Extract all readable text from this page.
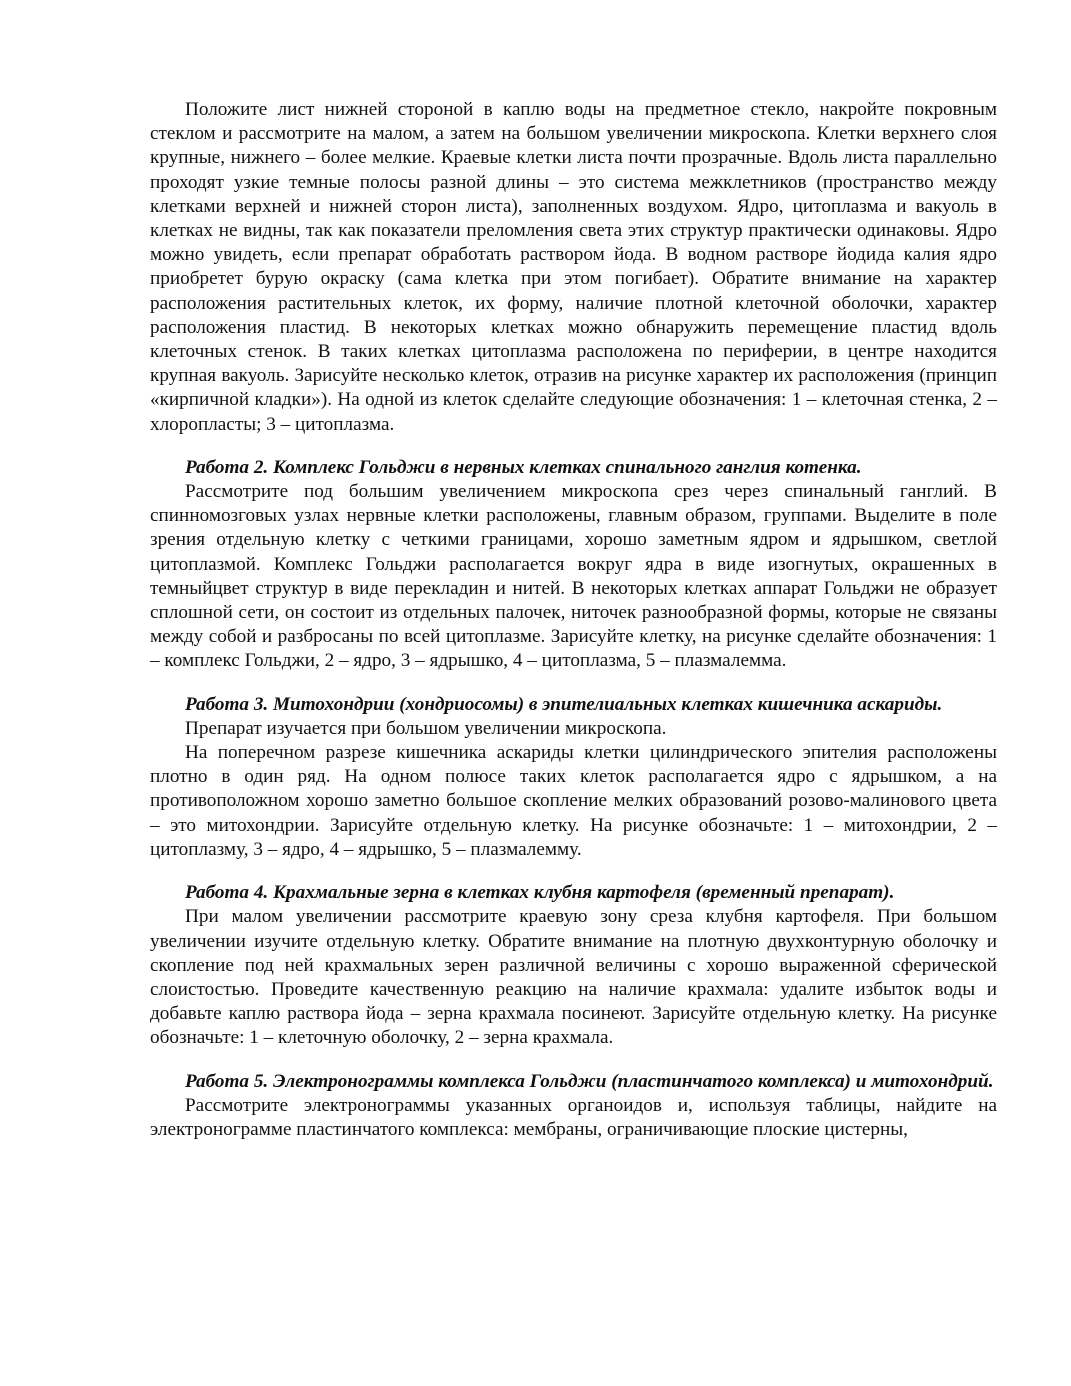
Положите лист нижней стороной в каплю воды на предметное стекло, накройте покровным стеклом и рассмотрите на малом, а затем на большом увеличении микроскопа. Клетки верхнего слоя крупные, нижнего – более мелкие. Краевые клетки листа почти прозрачные. Вдоль листа параллельно проходят узкие темные полосы разной длины – это система межклетников (пространство между клетками верхней и нижней сторон листа), заполненных воздухом. Ядро, цитоплазма и вакуоль в клетках не видны, так как показатели преломления света этих структур практически одинаковы. Ядро можно увидеть, если препарат обработать раствором йода. В водном растворе йодида калия ядро приобретет бурую окраску (сама клетка при этом погибает). Обратите внимание на характер расположения растительных клеток, их форму, наличие плотной клеточной оболочки, характер расположения пластид. В некоторых клетках можно обнаружить перемещение пластид вдоль клеточных стенок. В таких клетках цитоплазма расположена по периферии, в центре находится крупная вакуоль. Зарисуйте несколько клеток, отразив на рисунке характер их расположения (принцип «кирпичной кладки»). На одной из клеток сделайте следующие обозначения: 1 – клеточная стенка, 2 – хлоропласты; 3 – цитоплазма.

Работа 2. Комплекс Гольджи в нервных клетках спинального ганглия котенка.

Рассмотрите под большим увеличением микроскопа срез через спинальный ганглий. В спинномозговых узлах нервные клетки расположены, главным образом, группами. Выделите в поле зрения отдельную клетку с четкими границами, хорошо заметным ядром и ядрышком, светлой цитоплазмой. Комплекс Гольджи располагается вокруг ядра в виде изогнутых, окрашенных в темныйцвет структур в виде перекладин и нитей. В некоторых клетках аппарат Гольджи не образует сплошной сети, он состоит из отдельных палочек, ниточек разнообразной формы, которые не связаны между собой и разбросаны по всей цитоплазме. Зарисуйте клетку, на рисунке сделайте обозначения: 1 – комплекс Гольджи, 2 – ядро, 3 – ядрышко, 4 – цитоплазма, 5 – плазмалемма.

Работа 3. Митохондрии (хондриосомы) в эпителиальных клетках кишечника аскариды.

Препарат изучается при большом увеличении микроскопа.

На поперечном разрезе кишечника аскариды клетки цилиндрического эпителия расположены плотно в один ряд. На одном полюсе таких клеток располагается ядро с ядрышком, а на противоположном хорошо заметно большое скопление мелких образований розово-малинового цвета – это митохондрии. Зарисуйте отдельную клетку. На рисунке обозначьте: 1 – митохондрии, 2 – цитоплазму, 3 – ядро, 4 – ядрышко, 5 – плазмалемму.

Работа 4. Крахмальные зерна в клетках клубня картофеля (временный препарат).

При малом увеличении рассмотрите краевую зону среза клубня картофеля. При большом увеличении изучите отдельную клетку. Обратите внимание на плотную двухконтурную оболочку и скопление под ней крахмальных зерен различной величины с хорошо выраженной сферической слоистостью. Проведите качественную реакцию на наличие крахмала: удалите избыток воды и добавьте каплю раствора йода – зерна крахмала посинеют. Зарисуйте отдельную клетку. На рисунке обозначьте: 1 – клеточную оболочку, 2 – зерна крахмала.

Работа 5. Электронограммы комплекса Гольджи (пластинчатого комплекса) и митохондрий.

Рассмотрите электронограммы указанных органоидов и, используя таблицы, найдите на электронограмме пластинчатого комплекса: мембраны, ограничивающие плоские цистерны,
